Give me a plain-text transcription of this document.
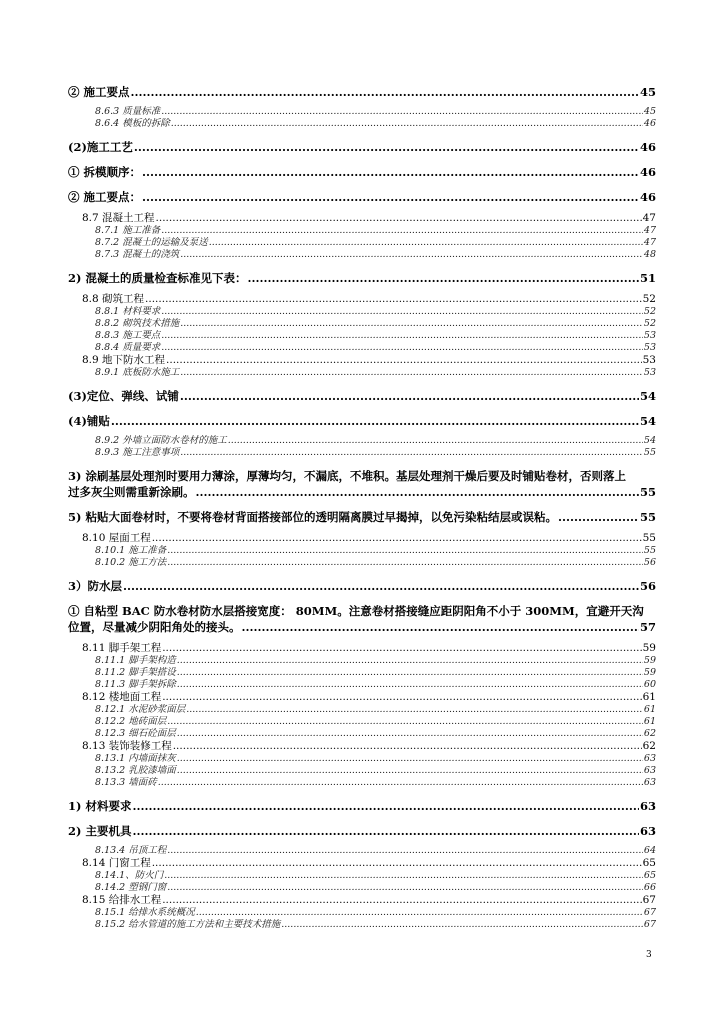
② 施工要点 .....	45
8.6.3 质量标准 .....	45
8.6.4 模板的拆除 .....	46
(2)施工工艺 .....	46
① 拆模顺序： .....	46
② 施工要点： .....	46
8.7 混凝土工程 .....	47
8.7.1 施工准备 .....	47
8.7.2 混凝土的运输及泵送 .....	47
8.7.3 混凝土的浇筑 .....	48
2) 混凝土的质量检查标准见下表： .....	51
8.8 砌筑工程 .....	52
8.8.1 材料要求 .....	52
8.8.2 砌筑技术措施 .....	52
8.8.3 施工要点 .....	53
8.8.4 质量要求 .....	53
8.9 地下防水工程 .....	53
8.9.1 底板防水施工 .....	53
(3)定位、弹线、试铺 .....	54
(4)铺贴 .....	54
8.9.2 外墙立面防水卷材的施工 .....	54
8.9.3 施工注意事项 .....	55
3) 涂刷基层处理剂时要用力薄涂，厚薄均匀，不漏底，不堆积。基层处理剂干燥后要及时铺贴卷材，否则落上
过多灰尘则需重新涂刷。 .....	55
5) 粘贴大面卷材时，不要将卷材背面搭接部位的透明隔离膜过早揭掉，以免污染粘结层或误粘。 .....	55
8.10 屋面工程 .....	55
8.10.1 施工准备 .....	55
8.10.2 施工方法 .....	56
3）防水层 .....	56
① 自粘型 BAC 防水卷材防水层搭接宽度： 80MM。注意卷材搭接缝应距阴阳角不小于 300MM，宜避开天沟
位置，尽量减少阴阳角处的接头。 .....	57
8.11 脚手架工程 .....	59
8.11.1 脚手架构造 .....	59
8.11.2 脚手架搭设 .....	59
8.11.3 脚手架拆除 .....	60
8.12 楼地面工程 .....	61
8.12.1 水泥砂浆面层 .....	61
8.12.2 地砖面层 .....	61
8.12.3 细石砼面层 .....	62
8.13 装饰装修工程 .....	62
8.13.1 内墙面抹灰 .....	63
8.13.2 乳胶漆墙面 .....	63
8.13.3 墙面砖 .....	63
1) 材料要求 .....	63
2) 主要机具 .....	63
8.13.4 吊顶工程 .....	64
8.14 门窗工程 .....	65
8.14.1、防火门 .....	65
8.14.2 塑钢门窗 .....	66
8.15 给排水工程 .....	67
8.15.1 给排水系统概况 .....	67
8.15.2 给水管道的施工方法和主要技术措施 .....	67
3
